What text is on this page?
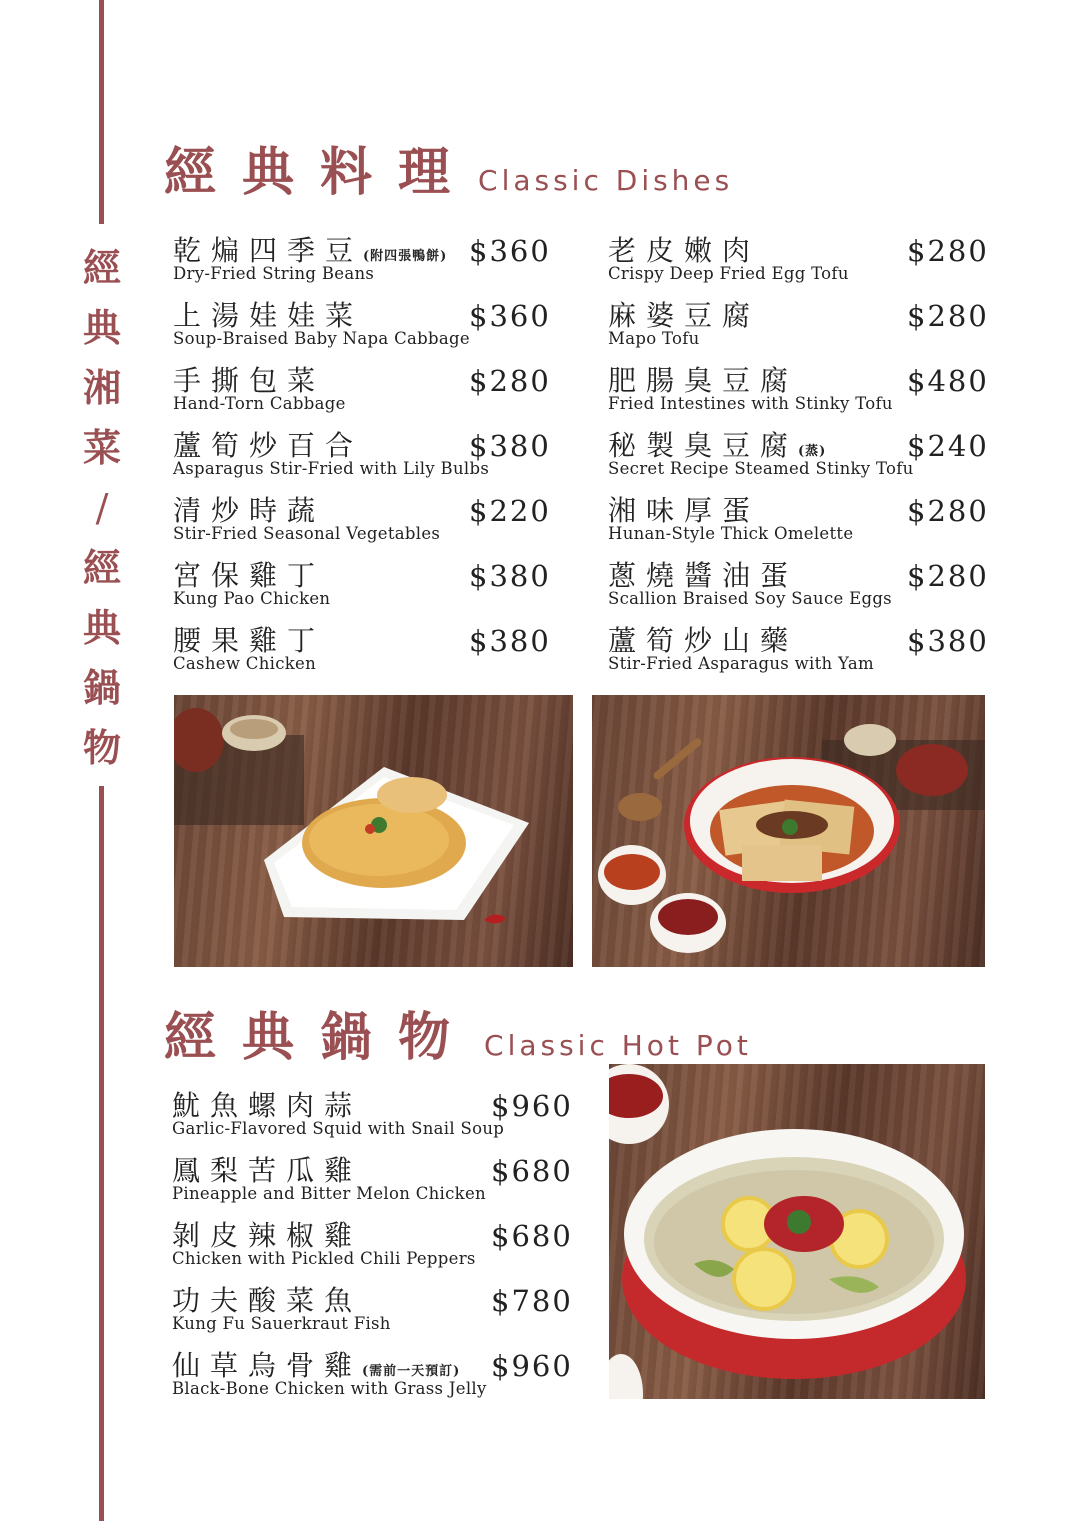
經
典
湘
菜
/
經
典
鍋
物
經典料理 Classic Dishes
乾煸四季豆(附四張鴨餅)
Dry-Fried String Beans
$360
上湯娃娃菜
Soup-Braised Baby Napa Cabbage
$360
手撕包菜
Hand-Torn Cabbage
$280
蘆筍炒百合
Asparagus Stir-Fried with Lily Bulbs
$380
清炒時蔬
Stir-Fried Seasonal Vegetables
$220
宮保雞丁
Kung Pao Chicken
$380
腰果雞丁
Cashew Chicken
$380
老皮嫩肉
Crispy Deep Fried Egg Tofu
$280
麻婆豆腐
Mapo Tofu
$280
肥腸臭豆腐
Fried Intestines with Stinky Tofu
$480
秘製臭豆腐(蒸)
Secret Recipe Steamed Stinky Tofu
$240
湘味厚蛋
Hunan-Style Thick Omelette
$280
蔥燒醬油蛋
Scallion Braised Soy Sauce Eggs
$280
蘆筍炒山藥
Stir-Fried Asparagus with Yam
$380
經典鍋物 Classic Hot Pot
魷魚螺肉蒜
Garlic-Flavored Squid with Snail Soup
$960
鳳梨苦瓜雞
Pineapple and Bitter Melon Chicken
$680
剝皮辣椒雞
Chicken with Pickled Chili Peppers
$680
功夫酸菜魚
Kung Fu Sauerkraut Fish
$780
仙草烏骨雞(需前一天預訂)
Black-Bone Chicken with Grass Jelly
$960
